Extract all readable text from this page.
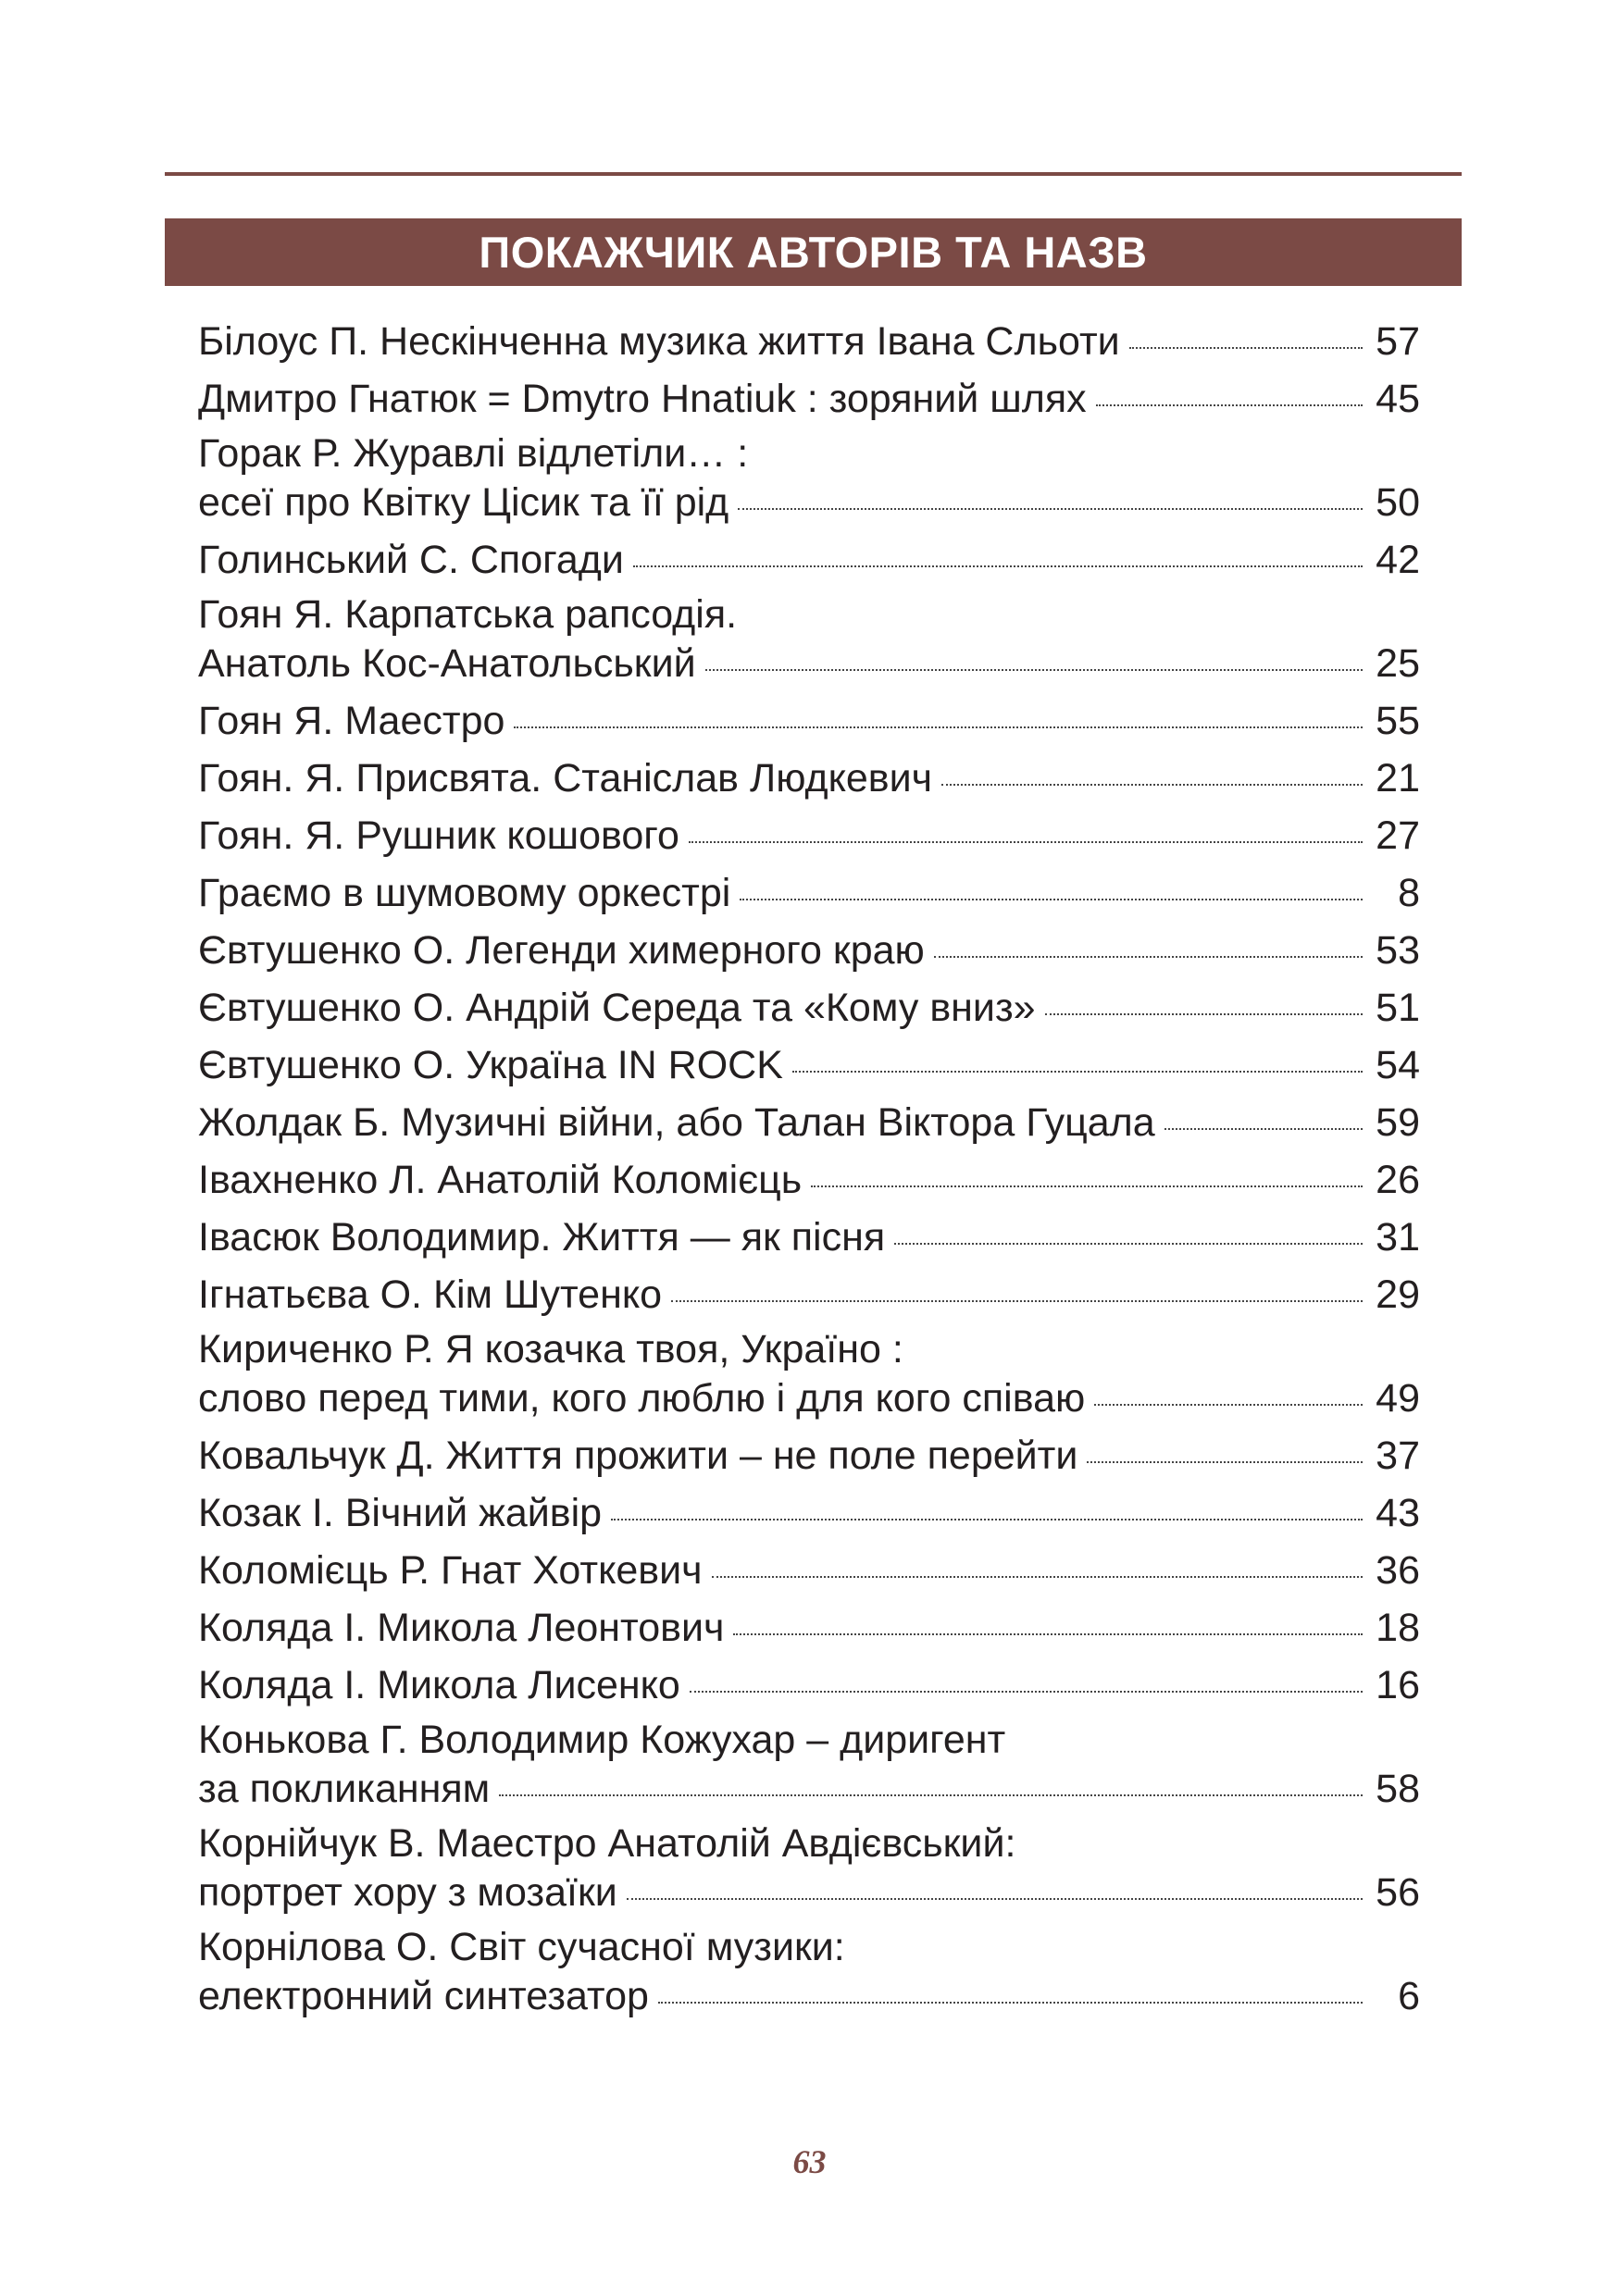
ПОКАЖЧИК АВТОРІВ ТА НАЗВ
Білоус П. Нескінченна музика життя Івана Сльоти	57
Дмитро Гнатюк = Dmytro Hnatiuk : зоряний шлях	45
Горак Р. Журавлі відлетіли… :
есеї про Квітку Цісик та її рід	50
Голинський С. Спогади	42
Гоян Я. Карпатська рапсодія.
Анатоль Кос-Анатольський	25
Гоян Я. Маестро	55
Гоян. Я. Присвята. Станіслав Людкевич	21
Гоян. Я. Рушник кошового	27
Граємо в шумовому оркестрі	8
Євтушенко О. Легенди химерного краю	53
Євтушенко О. Андрій Середа та «Кому вниз»	51
Євтушенко О. Україна IN ROCK	54
Жолдак Б. Музичні війни, або Талан Віктора Гуцала	59
Івахненко Л. Анатолій Коломієць	26
Івасюк Володимир. Життя — як пісня	31
Ігнатьєва О. Кім Шутенко	29
Кириченко Р. Я козачка твоя, Україно :
слово перед тими, кого люблю і для кого співаю	49
Ковальчук Д. Життя прожити – не поле перейти	37
Козак І. Вічний жайвір	43
Коломієць Р. Гнат Хоткевич	36
Коляда І. Микола Леонтович	18
Коляда І. Микола Лисенко	16
Конькова Г. Володимир Кожухар – диригент
за покликанням	58
Корнійчук В. Маестро Анатолій Авдієвський:
портрет хору з мозаїки	56
Корнілова О. Світ сучасної музики:
електронний синтезатор	6
63
